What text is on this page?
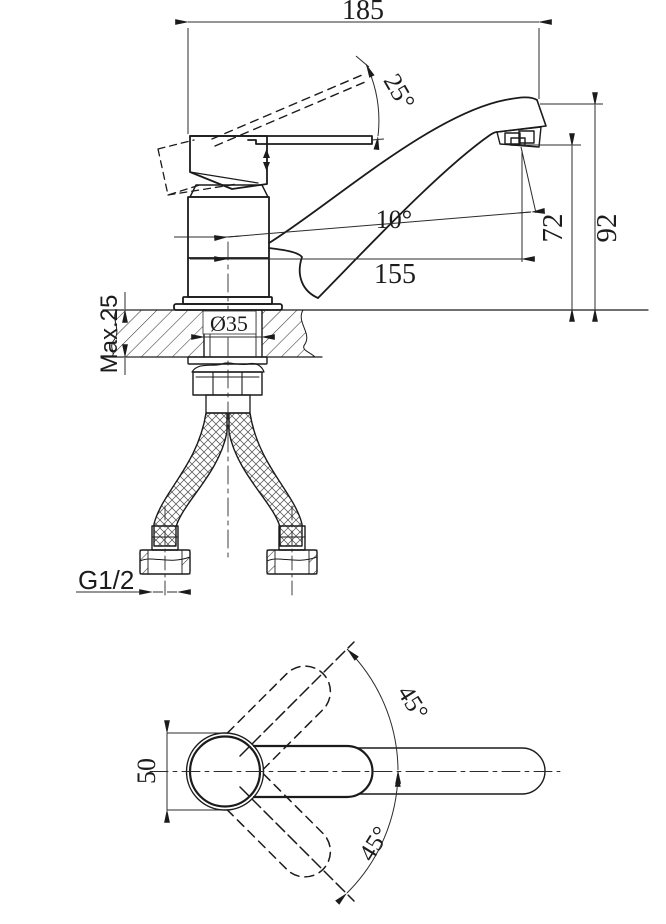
185
25°
10°
155
72 92
Max.25	Ø35
G1/2
50
45°
45°
